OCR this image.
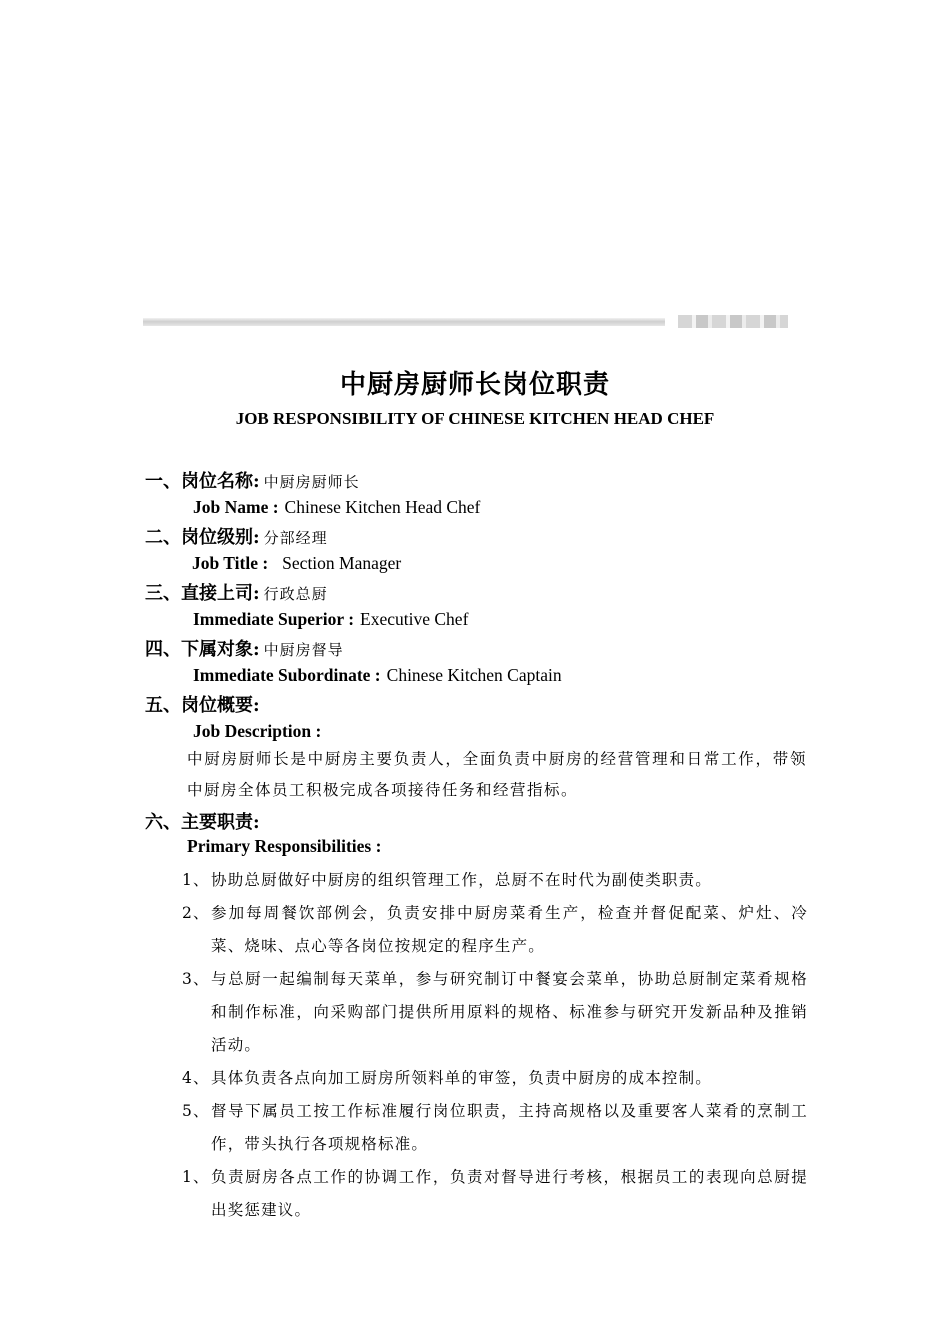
中厨房厨师长岗位职责
JOB RESPONSIBILITY OF CHINESE KITCHEN HEAD CHEF
一、岗位名称: 中厨房厨师长
Job Name : Chinese Kitchen Head Chef
二、岗位级别: 分部经理
Job Title : Section Manager
三、直接上司: 行政总厨
Immediate Superior : Executive Chef
四、下属对象: 中厨房督导
Immediate Subordinate : Chinese Kitchen Captain
五、岗位概要:
Job Description :
中厨房厨师长是中厨房主要负责人，全面负责中厨房的经营管理和日常工作，带领中厨房全体员工积极完成各项接待任务和经营指标。
六、主要职责:
Primary Responsibilities :
1、 协助总厨做好中厨房的组织管理工作，总厨不在时代为副使类职责。
2、 参加每周餐饮部例会，负责安排中厨房菜肴生产，检查并督促配菜、炉灶、冷菜、烧味、点心等各岗位按规定的程序生产。
3、 与总厨一起编制每天菜单，参与研究制订中餐宴会菜单，协助总厨制定菜肴规格和制作标准，向采购部门提供所用原料的规格、标准参与研究开发新品种及推销活动。
4、 具体负责各点向加工厨房所领料单的审签，负责中厨房的成本控制。
5、 督导下属员工按工作标准履行岗位职责，主持高规格以及重要客人菜肴的烹制工作，带头执行各项规格标准。
1、 负责厨房各点工作的协调工作，负责对督导进行考核，根据员工的表现向总厨提出奖惩建议。
